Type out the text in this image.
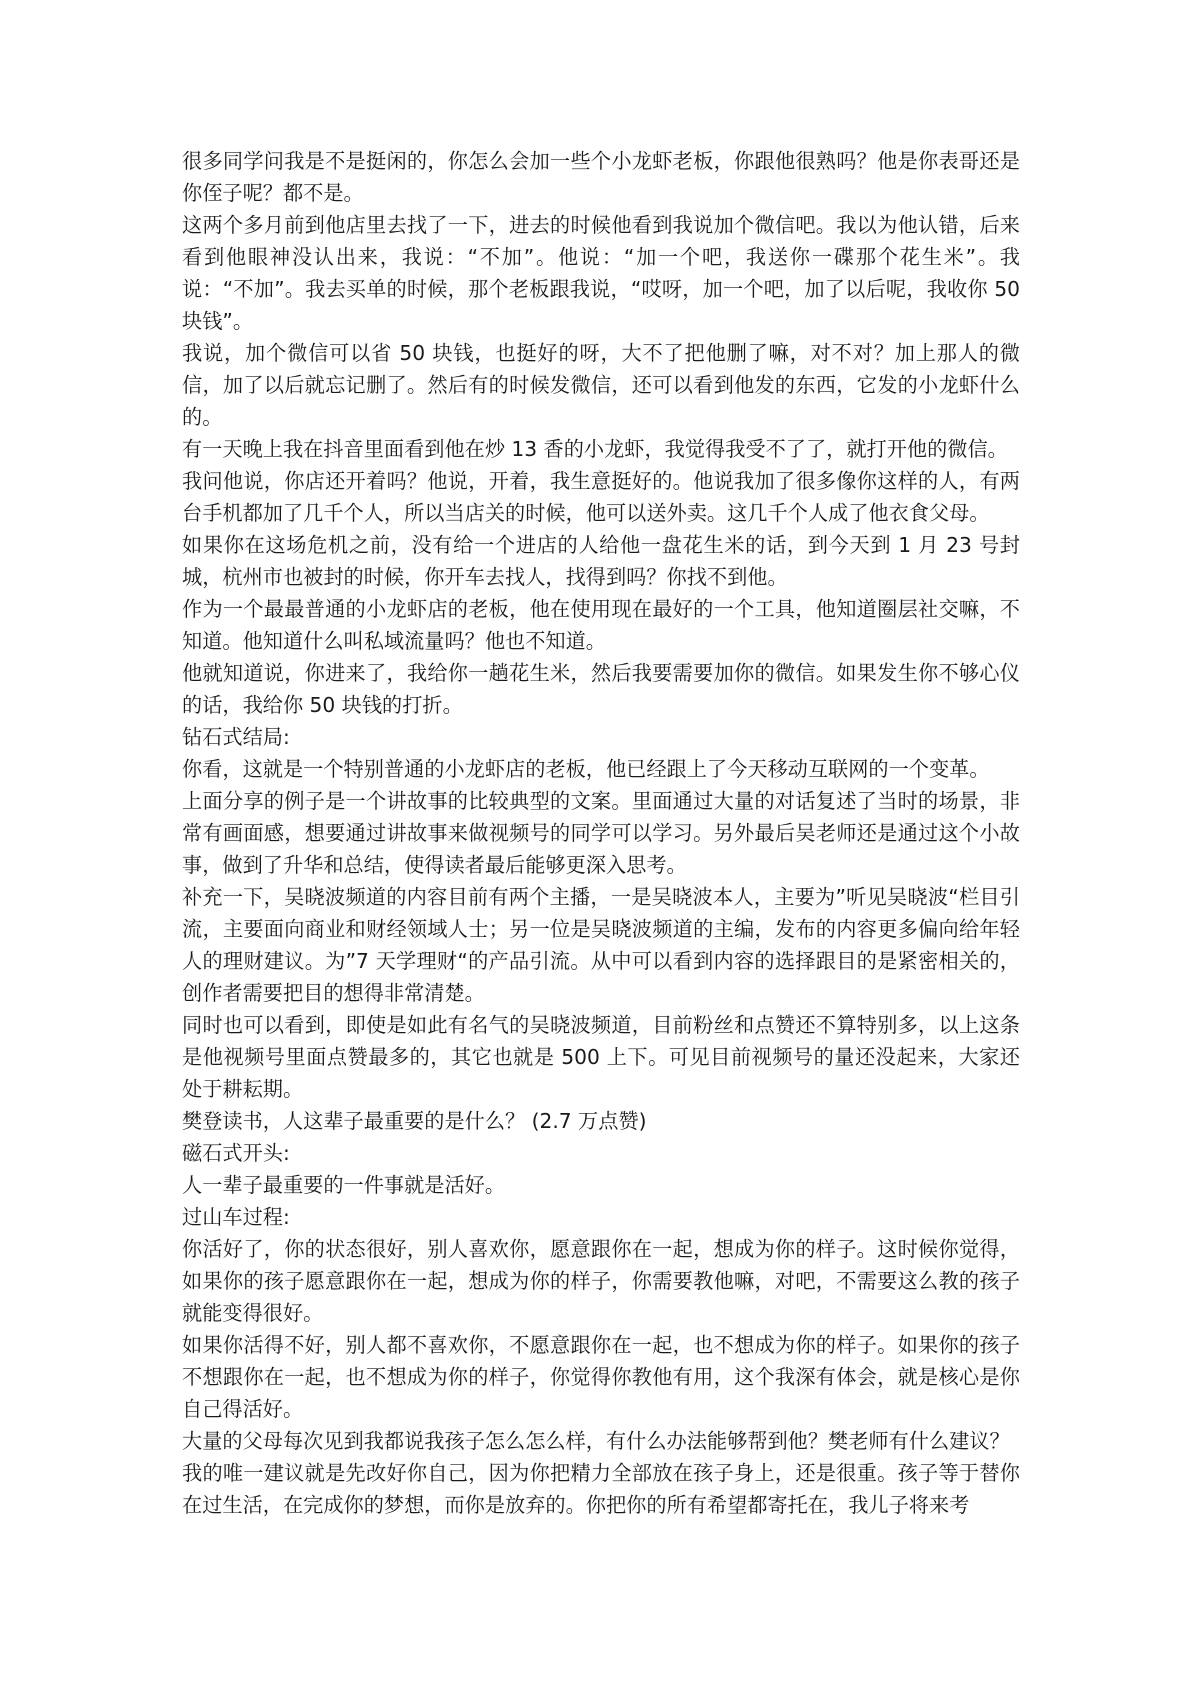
很多同学问我是不是挺闲的，你怎么会加一些个小龙虾老板，你跟他很熟吗？他是你表哥还是你侄子呢？都不是。

这两个多月前到他店里去找了一下，进去的时候他看到我说加个微信吧。我以为他认错，后来看到他眼神没认出来，我说：“不加”。他说：“加一个吧，我送你一碟那个花生米”。我说：“不加”。我去买单的时候，那个老板跟我说，“哎呀，加一个吧，加了以后呢，我收你 50 块钱”。

我说，加个微信可以省 50 块钱，也挺好的呀，大不了把他删了嘛，对不对？加上那人的微信，加了以后就忘记删了。然后有的时候发微信，还可以看到他发的东西，它发的小龙虾什么的。

有一天晚上我在抖音里面看到他在炒 13 香的小龙虾，我觉得我受不了了，就打开他的微信。

我问他说，你店还开着吗？他说，开着，我生意挺好的。他说我加了很多像你这样的人，有两台手机都加了几千个人，所以当店关的时候，他可以送外卖。这几千个人成了他衣食父母。

如果你在这场危机之前，没有给一个进店的人给他一盘花生米的话，到今天到 1 月 23 号封城，杭州市也被封的时候，你开车去找人，找得到吗？你找不到他。

作为一个最最普通的小龙虾店的老板，他在使用现在最好的一个工具，他知道圈层社交嘛，不知道。他知道什么叫私域流量吗？他也不知道。

他就知道说，你进来了，我给你一趟花生米，然后我要需要加你的微信。如果发生你不够心仪的话，我给你 50 块钱的打折。

钻石式结局:

你看，这就是一个特别普通的小龙虾店的老板，他已经跟上了今天移动互联网的一个变革。

上面分享的例子是一个讲故事的比较典型的文案。里面通过大量的对话复述了当时的场景，非常有画面感，想要通过讲故事来做视频号的同学可以学习。另外最后吴老师还是通过这个小故事，做到了升华和总结，使得读者最后能够更深入思考。

补充一下，吴晓波频道的内容目前有两个主播，一是吴晓波本人，主要为”听见吴晓波“栏目引流，主要面向商业和财经领域人士；另一位是吴晓波频道的主编，发布的内容更多偏向给年轻人的理财建议。为”7 天学理财“的产品引流。从中可以看到内容的选择跟目的是紧密相关的，创作者需要把目的想得非常清楚。

同时也可以看到，即使是如此有名气的吴晓波频道，目前粉丝和点赞还不算特别多，以上这条是他视频号里面点赞最多的，其它也就是 500 上下。可见目前视频号的量还没起来，大家还处于耕耘期。

樊登读书，人这辈子最重要的是什么？ (2.7 万点赞)

磁石式开头:

人一辈子最重要的一件事就是活好。

过山车过程:

你活好了，你的状态很好，别人喜欢你，愿意跟你在一起，想成为你的样子。这时候你觉得，如果你的孩子愿意跟你在一起，想成为你的样子，你需要教他嘛，对吧，不需要这么教的孩子就能变得很好。

如果你活得不好，别人都不喜欢你，不愿意跟你在一起，也不想成为你的样子。如果你的孩子不想跟你在一起，也不想成为你的样子，你觉得你教他有用，这个我深有体会，就是核心是你自己得活好。

大量的父母每次见到我都说我孩子怎么怎么样，有什么办法能够帮到他？樊老师有什么建议？

我的唯一建议就是先改好你自己，因为你把精力全部放在孩子身上，还是很重。孩子等于替你在过生活，在完成你的梦想，而你是放弃的。你把你的所有希望都寄托在，我儿子将来考
